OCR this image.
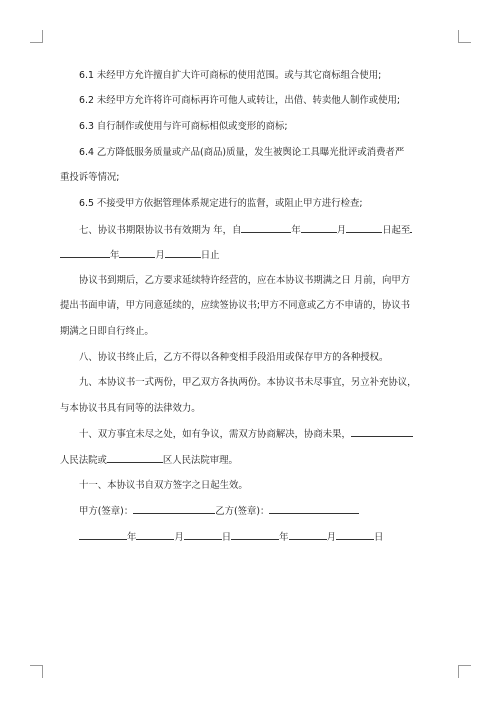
6.1 未经甲方允许擅自扩大许可商标的使用范围。或与其它商标组合使用;
6.2 未经甲方允许将许可商标再许可他人或转让，出借、转卖他人制作或使用;
6.3 自行制作或使用与许可商标相似或变形的商标;
6.4 乙方降低服务质量或产品(商品)质量，发生被舆论工具曝光批评或消费者严
重投诉等情况;
6.5 不接受甲方依据管理体系规定进行的监督，或阻止甲方进行检查;
七、协议书期限协议书有效期为 年，自	年	月	日起至
年	月	日止
协议书到期后，乙方要求延续特许经营的，应在本协议书期满之日 月前，向甲方
提出书面申请，甲方同意延续的，应续签协议书;甲方不同意或乙方不申请的，协议书
期满之日即自行终止。
八、协议书终止后，乙方不得以各种变相手段沿用或保存甲方的各种授权。
九、本协议书一式两份，甲乙双方各执两份。本协议书未尽事宜，另立补充协议，
与本协议书具有同等的法律效力。
十、双方事宜未尽之处，如有争议，需双方协商解决，协商未果，
人民法院或	区人民法院审理。
十一、本协议书自双方签字之日起生效。
甲方(签章)：	乙方(签章)：
年	月	日	年	月	日
